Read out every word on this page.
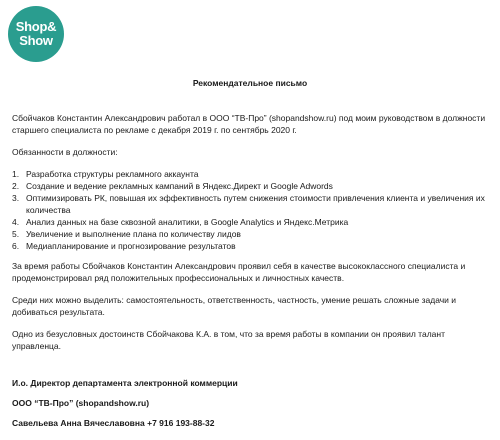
Shop&
Show
Рекомендательное письмо

Сбойчаков Константин Александрович работал в ООО “ТВ-Про” (shopandshow.ru) под моим руководством в должности старшего специалиста по рекламе с декабря 2019 г. по сентябрь 2020 г.

Обязанности в должности:

1. Разработка структуры рекламного аккаунта
2. Создание и ведение рекламных кампаний в Яндекс.Директ и Google Adwords
3. Оптимизировать РК, повышая их эффективность путем снижения стоимости привлечения клиента и увеличения их количества
4. Анализ данных на базе сквозной аналитики, в Google Analytics и Яндекс.Метрика
5. Увеличение и выполнение плана по количеству лидов
6. Медиапланирование и прогнозирование результатов

За время работы Сбойчаков Константин Александрович проявил себя в качестве высококлассного специалиста и продемонстрировал ряд положительных профессиональных и личностных качеств.

Среди них можно выделить: самостоятельность, ответственность, частность, умение решать сложные задачи и добиваться результата.

Одно из безусловных достоинств Сбойчакова К.А. в том, что за время работы в компании он проявил талант управленца.

И.о. Директор департамента электронной коммерции
ООО “ТВ-Про” (shopandshow.ru)
Савельева Анна Вячеславовна +7 916 193-88-32
